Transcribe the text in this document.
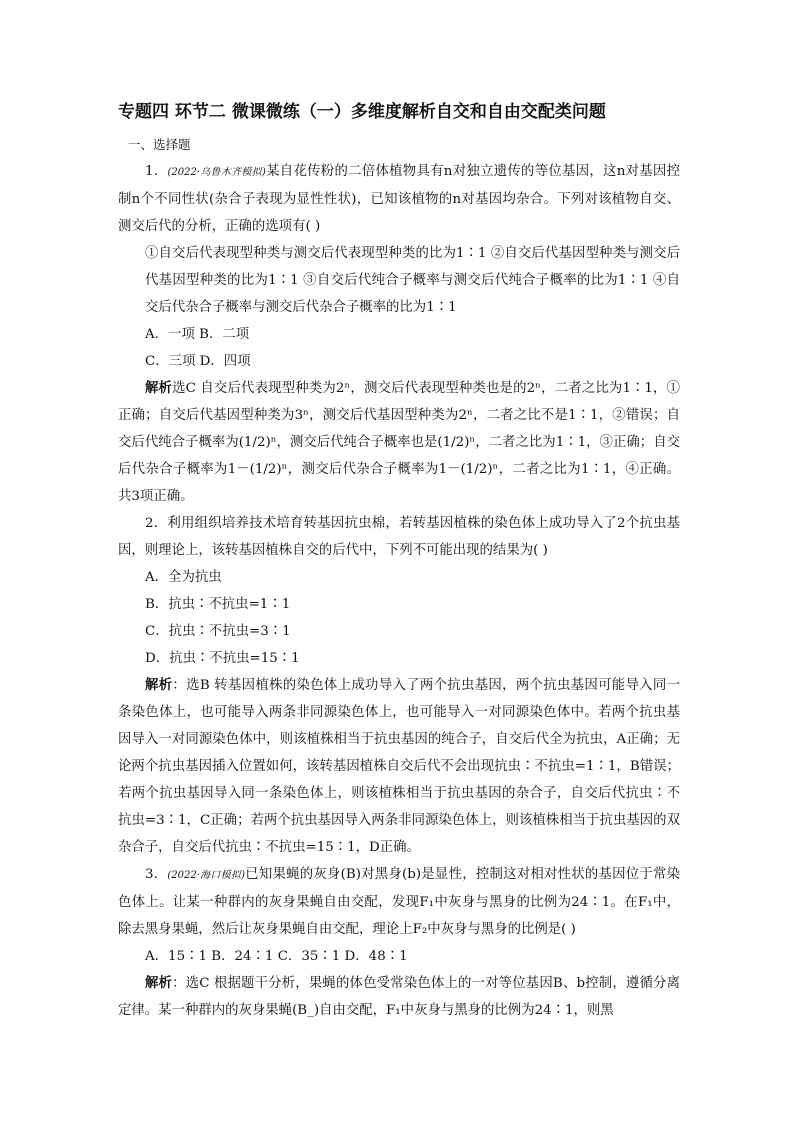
专题四 环节二 微课微练（一）多维度解析自交和自由交配类问题

一、选择题

1．(2022·乌鲁木齐模拟)某自花传粉的二倍体植物具有n对独立遗传的等位基因，这n对基因控制n个不同性状(杂合子表现为显性性状)，已知该植物的n对基因均杂合。下列对该植物自交、测交后代的分析，正确的选项有( )

①自交后代表现型种类与测交后代表现型种类的比为1∶1 ②自交后代基因型种类与测交后代基因型种类的比为1∶1 ③自交后代纯合子概率与测交后代纯合子概率的比为1∶1 ④自交后代杂合子概率与测交后代杂合子概率的比为1∶1

A．一项 B．二项

C．三项 D．四项

解析选C 自交后代表现型种类为2ⁿ，测交后代表现型种类也是的2ⁿ，二者之比为1∶1，①正确；自交后代基因型种类为3ⁿ，测交后代基因型种类为2ⁿ，二者之比不是1∶1，②错误；自交后代纯合子概率为(1/2)ⁿ，测交后代纯合子概率也是(1/2)ⁿ，二者之比为1∶1，③正确；自交后代杂合子概率为1－(1/2)ⁿ，测交后代杂合子概率为1－(1/2)ⁿ，二者之比为1∶1，④正确。共3项正确。

2．利用组织培养技术培育转基因抗虫棉，若转基因植株的染色体上成功导入了2个抗虫基因，则理论上，该转基因植株自交的后代中，下列不可能出现的结果为( )

A．全为抗虫

B．抗虫∶不抗虫=1∶1

C．抗虫∶不抗虫=3∶1

D．抗虫∶不抗虫=15∶1

解析：选B 转基因植株的染色体上成功导入了两个抗虫基因，两个抗虫基因可能导入同一条染色体上，也可能导入两条非同源染色体上，也可能导入一对同源染色体中。若两个抗虫基因导入一对同源染色体中，则该植株相当于抗虫基因的纯合子，自交后代全为抗虫，A正确；无论两个抗虫基因插入位置如何，该转基因植株自交后代不会出现抗虫∶不抗虫=1∶1，B错误；若两个抗虫基因导入同一条染色体上，则该植株相当于抗虫基因的杂合子，自交后代抗虫∶不抗虫=3∶1，C正确；若两个抗虫基因导入两条非同源染色体上，则该植株相当于抗虫基因的双杂合子，自交后代抗虫∶不抗虫=15∶1，D正确。

3．(2022·海口模拟)已知果蝇的灰身(B)对黑身(b)是显性，控制这对相对性状的基因位于常染色体上。让某一种群内的灰身果蝇自由交配，发现F₁中灰身与黑身的比例为24∶1。在F₁中，除去黑身果蝇，然后让灰身果蝇自由交配，理论上F₂中灰身与黑身的比例是( )

A．15∶1 B．24∶1 C．35∶1 D．48∶1

解析：选C 根据题干分析，果蝇的体色受常染色体上的一对等位基因B、b控制，遵循分离定律。某一种群内的灰身果蝇(B_)自由交配，F₁中灰身与黑身的比例为24∶1，则黑
